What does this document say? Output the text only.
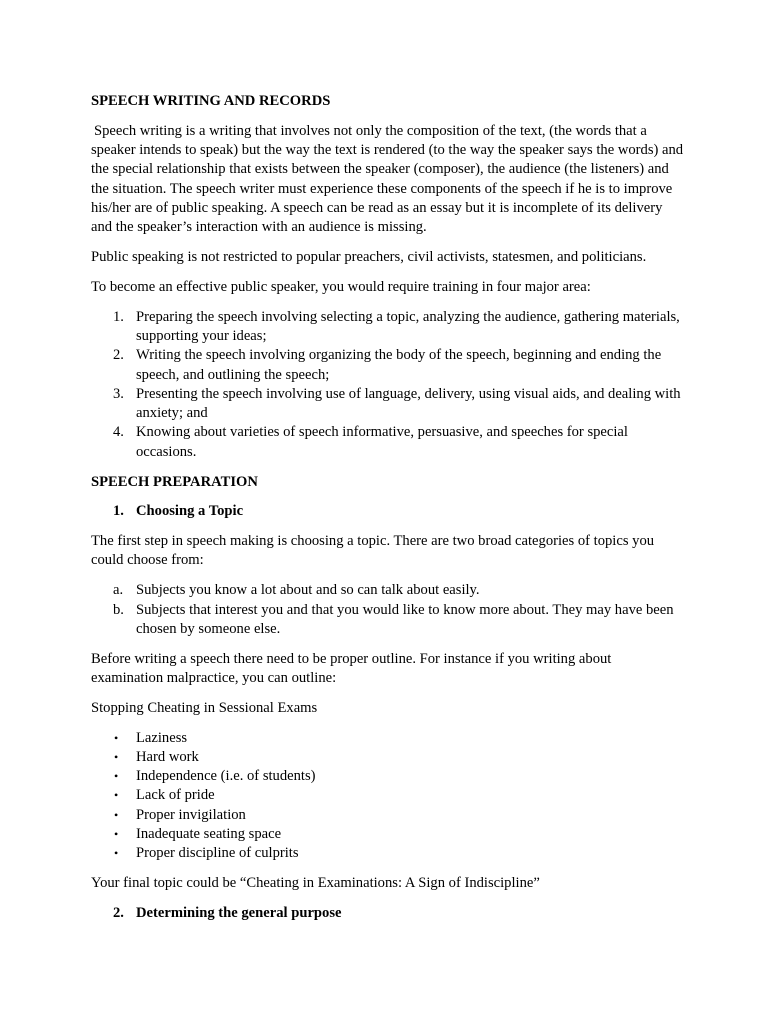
SPEECH WRITING AND RECORDS

Speech writing is a writing that involves not only the composition of the text, (the words that a speaker intends to speak) but the way the text is rendered (to the way the speaker says the words) and the special relationship that exists between the speaker (composer), the audience (the listeners) and the situation. The speech writer must experience these components of the speech if he is to improve his/her are of public speaking. A speech can be read as an essay but it is incomplete of its delivery and the speaker’s interaction with an audience is missing.

Public speaking is not restricted to popular preachers, civil activists, statesmen, and politicians.

To become an effective public speaker, you would require training in four major area:

1. Preparing the speech involving selecting a topic, analyzing the audience, gathering materials, supporting your ideas;
2. Writing the speech involving organizing the body of the speech, beginning and ending the speech, and outlining the speech;
3. Presenting the speech involving use of language, delivery, using visual aids, and dealing with anxiety; and
4. Knowing about varieties of speech informative, persuasive, and speeches for special occasions.

SPEECH PREPARATION

1. Choosing a Topic

The first step in speech making is choosing a topic. There are two broad categories of topics you could choose from:

a. Subjects you know a lot about and so can talk about easily.
b. Subjects that interest you and that you would like to know more about. They may have been chosen by someone else.

Before writing a speech there need to be proper outline. For instance if you writing about examination malpractice, you can outline:

Stopping Cheating in Sessional Exams

• Laziness
• Hard work
• Independence (i.e. of students)
• Lack of pride
• Proper invigilation
• Inadequate seating space
• Proper discipline of culprits

Your final topic could be “Cheating in Examinations: A Sign of Indiscipline”

2. Determining the general purpose
